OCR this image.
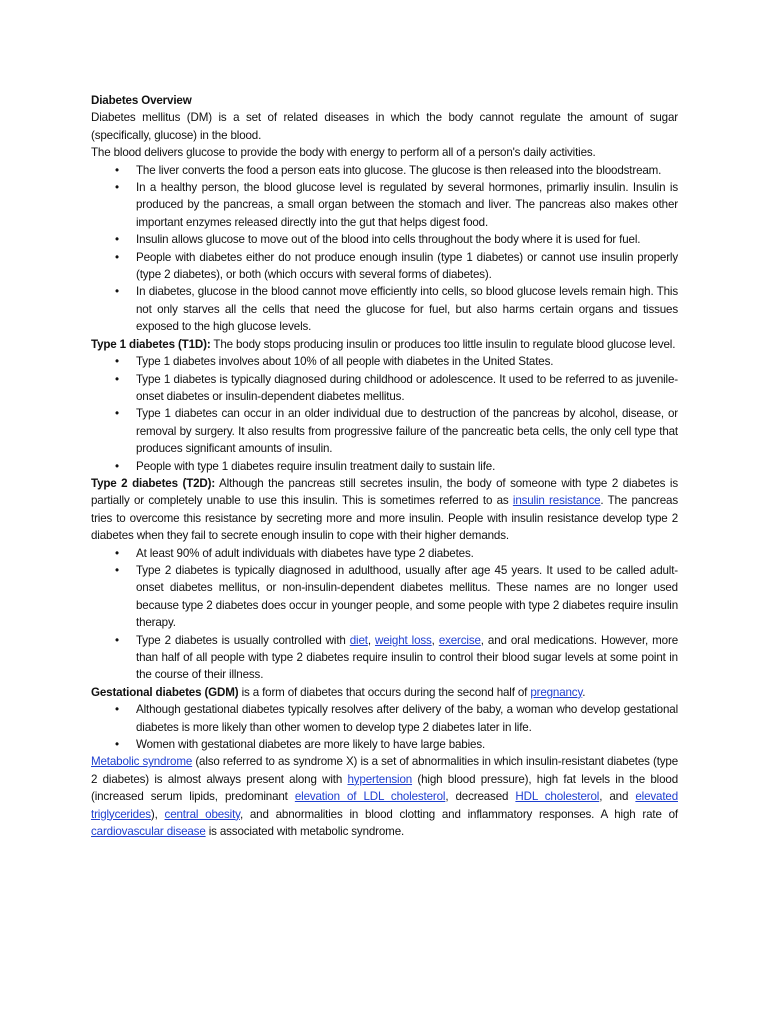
Diabetes Overview

Diabetes mellitus (DM) is a set of related diseases in which the body cannot regulate the amount of sugar (specifically, glucose) in the blood.

The blood delivers glucose to provide the body with energy to perform all of a person's daily activities.

• The liver converts the food a person eats into glucose. The glucose is then released into the bloodstream.
• In a healthy person, the blood glucose level is regulated by several hormones, primarliy insulin. Insulin is produced by the pancreas, a small organ between the stomach and liver. The pancreas also makes other important enzymes released directly into the gut that helps digest food.
• Insulin allows glucose to move out of the blood into cells throughout the body where it is used for fuel.
• People with diabetes either do not produce enough insulin (type 1 diabetes) or cannot use insulin properly (type 2 diabetes), or both (which occurs with several forms of diabetes).
• In diabetes, glucose in the blood cannot move efficiently into cells, so blood glucose levels remain high. This not only starves all the cells that need the glucose for fuel, but also harms certain organs and tissues exposed to the high glucose levels.

Type 1 diabetes (T1D): The body stops producing insulin or produces too little insulin to regulate blood glucose level.

• Type 1 diabetes involves about 10% of all people with diabetes in the United States.
• Type 1 diabetes is typically diagnosed during childhood or adolescence. It used to be referred to as juvenile-onset diabetes or insulin-dependent diabetes mellitus.
• Type 1 diabetes can occur in an older individual due to destruction of the pancreas by alcohol, disease, or removal by surgery. It also results from progressive failure of the pancreatic beta cells, the only cell type that produces significant amounts of insulin.
• People with type 1 diabetes require insulin treatment daily to sustain life.

Type 2 diabetes (T2D): Although the pancreas still secretes insulin, the body of someone with type 2 diabetes is partially or completely unable to use this insulin. This is sometimes referred to as insulin resistance. The pancreas tries to overcome this resistance by secreting more and more insulin. People with insulin resistance develop type 2 diabetes when they fail to secrete enough insulin to cope with their higher demands.

• At least 90% of adult individuals with diabetes have type 2 diabetes.
• Type 2 diabetes is typically diagnosed in adulthood, usually after age 45 years. It used to be called adult-onset diabetes mellitus, or non-insulin-dependent diabetes mellitus. These names are no longer used because type 2 diabetes does occur in younger people, and some people with type 2 diabetes require insulin therapy.
• Type 2 diabetes is usually controlled with diet, weight loss, exercise, and oral medications. However, more than half of all people with type 2 diabetes require insulin to control their blood sugar levels at some point in the course of their illness.

Gestational diabetes (GDM) is a form of diabetes that occurs during the second half of pregnancy.

• Although gestational diabetes typically resolves after delivery of the baby, a woman who develop gestational diabetes is more likely than other women to develop type 2 diabetes later in life.
• Women with gestational diabetes are more likely to have large babies.

Metabolic syndrome (also referred to as syndrome X) is a set of abnormalities in which insulin-resistant diabetes (type 2 diabetes) is almost always present along with hypertension (high blood pressure), high fat levels in the blood (increased serum lipids, predominant elevation of LDL cholesterol, decreased HDL cholesterol, and elevated triglycerides), central obesity, and abnormalities in blood clotting and inflammatory responses. A high rate of cardiovascular disease is associated with metabolic syndrome.
